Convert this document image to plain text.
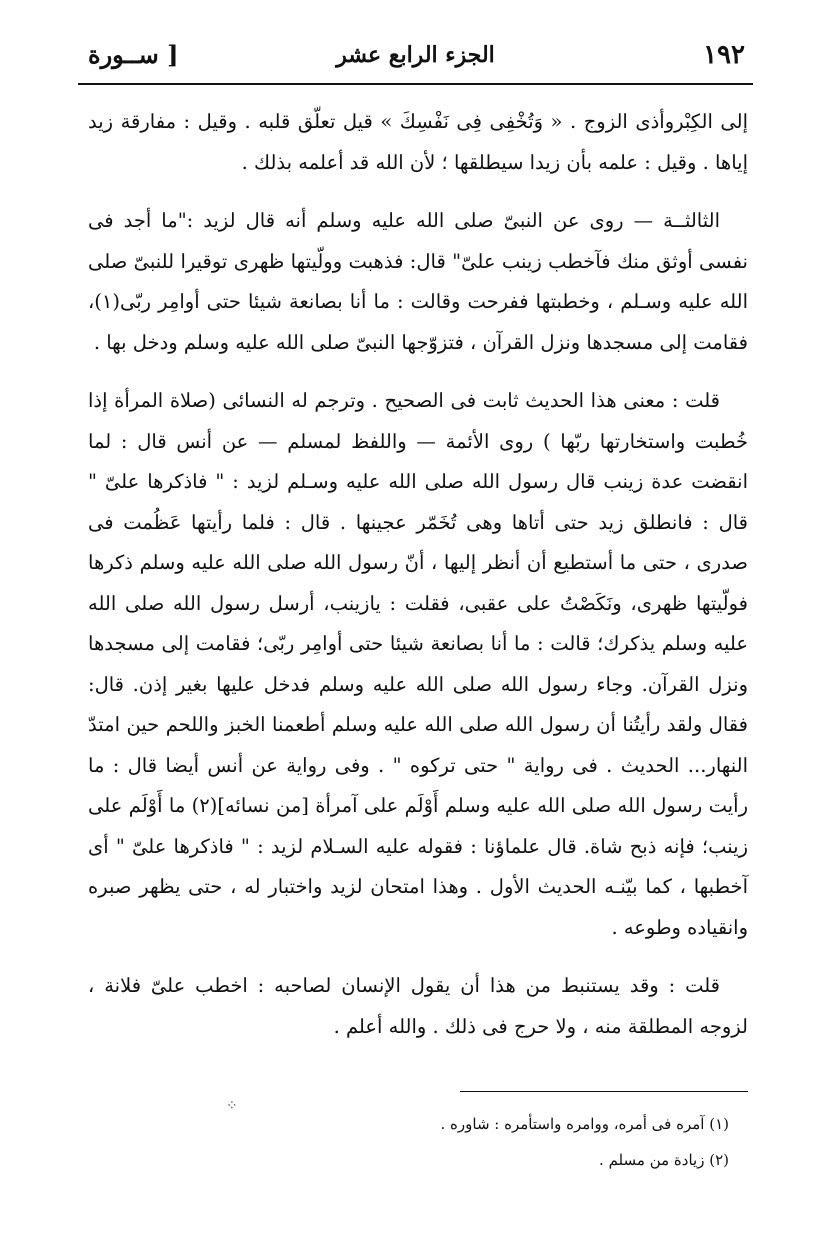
١٩٢
الجزء الرابع عشر
[ ســورة

إلى الكِبْروأذى الزوج . « وَتُخْفِى فِى نَفْسِكَ » قيل تعلّق قلبه . وقيل : مفارقة زيد إياها . وقيل : علمه بأن زيدا سيطلقها ؛ لأن الله قد أعلمه بذلك .

الثالثــة — روى عن النبىّ صلى الله عليه وسلم أنه قال لزيد :"ما أجد فى نفسى أوثق منك فآخطب زينب علىّ" قال: فذهبت وولّيتها ظهرى توقيرا للنبىّ صلى الله عليه وسـلم ، وخطبتها ففرحت وقالت : ما أنا بصانعة شيئا حتى أوامِر ربّى(١)، فقامت إلى مسجدها ونزل القرآن ، فتزوّجها النبىّ صلى الله عليه وسلم ودخل بها .

قلت : معنى هذا الحديث ثابت فى الصحيح . وترجم له النسائى (صلاة المرأة إذا خُطبت واستخارتها ربّها ) روى الأئمة — واللفظ لمسلم — عن أنس قال : لما انقضت عدة زينب قال رسول الله صلى الله عليه وسـلم لزيد : " فاذكرها علىّ " قال : فانطلق زيد حتى أتاها وهى تُخَمّر عجينها . قال : فلما رأيتها عَظُمت فى صدرى ، حتى ما أستطيع أن أنظر إليها ، أنّ رسول الله صلى الله عليه وسلم ذكرها فولّيتها ظهرى، ونَكَصْتُ على عقبى، فقلت : يازينب، أرسل رسول الله صلى الله عليه وسلم يذكرك؛ قالت : ما أنا بصانعة شيئا حتى أوامِر ربّى؛ فقامت إلى مسجدها ونزل القرآن. وجاء رسول الله صلى الله عليه وسلم فدخل عليها بغير إذن. قال: فقال ولقد رأيتُنا أن رسول الله صلى الله عليه وسلم أطعمنا الخبز واللحم حين امتدّ النهار... الحديث . فى رواية " حتى تركوه " . وفى رواية عن أنس أيضا قال : ما رأيت رسول الله صلى الله عليه وسلم أَوْلَم على آمرأة [من نسائه](٢) ما أَوْلَم على زينب؛ فإنه ذبح شاة. قال علماؤنا : فقوله عليه السـلام لزيد : " فاذكرها علىّ " أى آخطبها ، كما بيّنـه الحديث الأول . وهذا امتحان لزيد واختبار له ، حتى يظهر صبره وانقياده وطوعه .

قلت : وقد يستنبط من هذا أن يقول الإنسان لصاحبه : اخطب علىّ فلانة ، لزوجه المطلقة منه ، ولا حرج فى ذلك . والله أعلم .

(١) آمره فى أمره، ووامره واستأمره : شاوره .

(٢) زيادة من مسلم .

⁘
